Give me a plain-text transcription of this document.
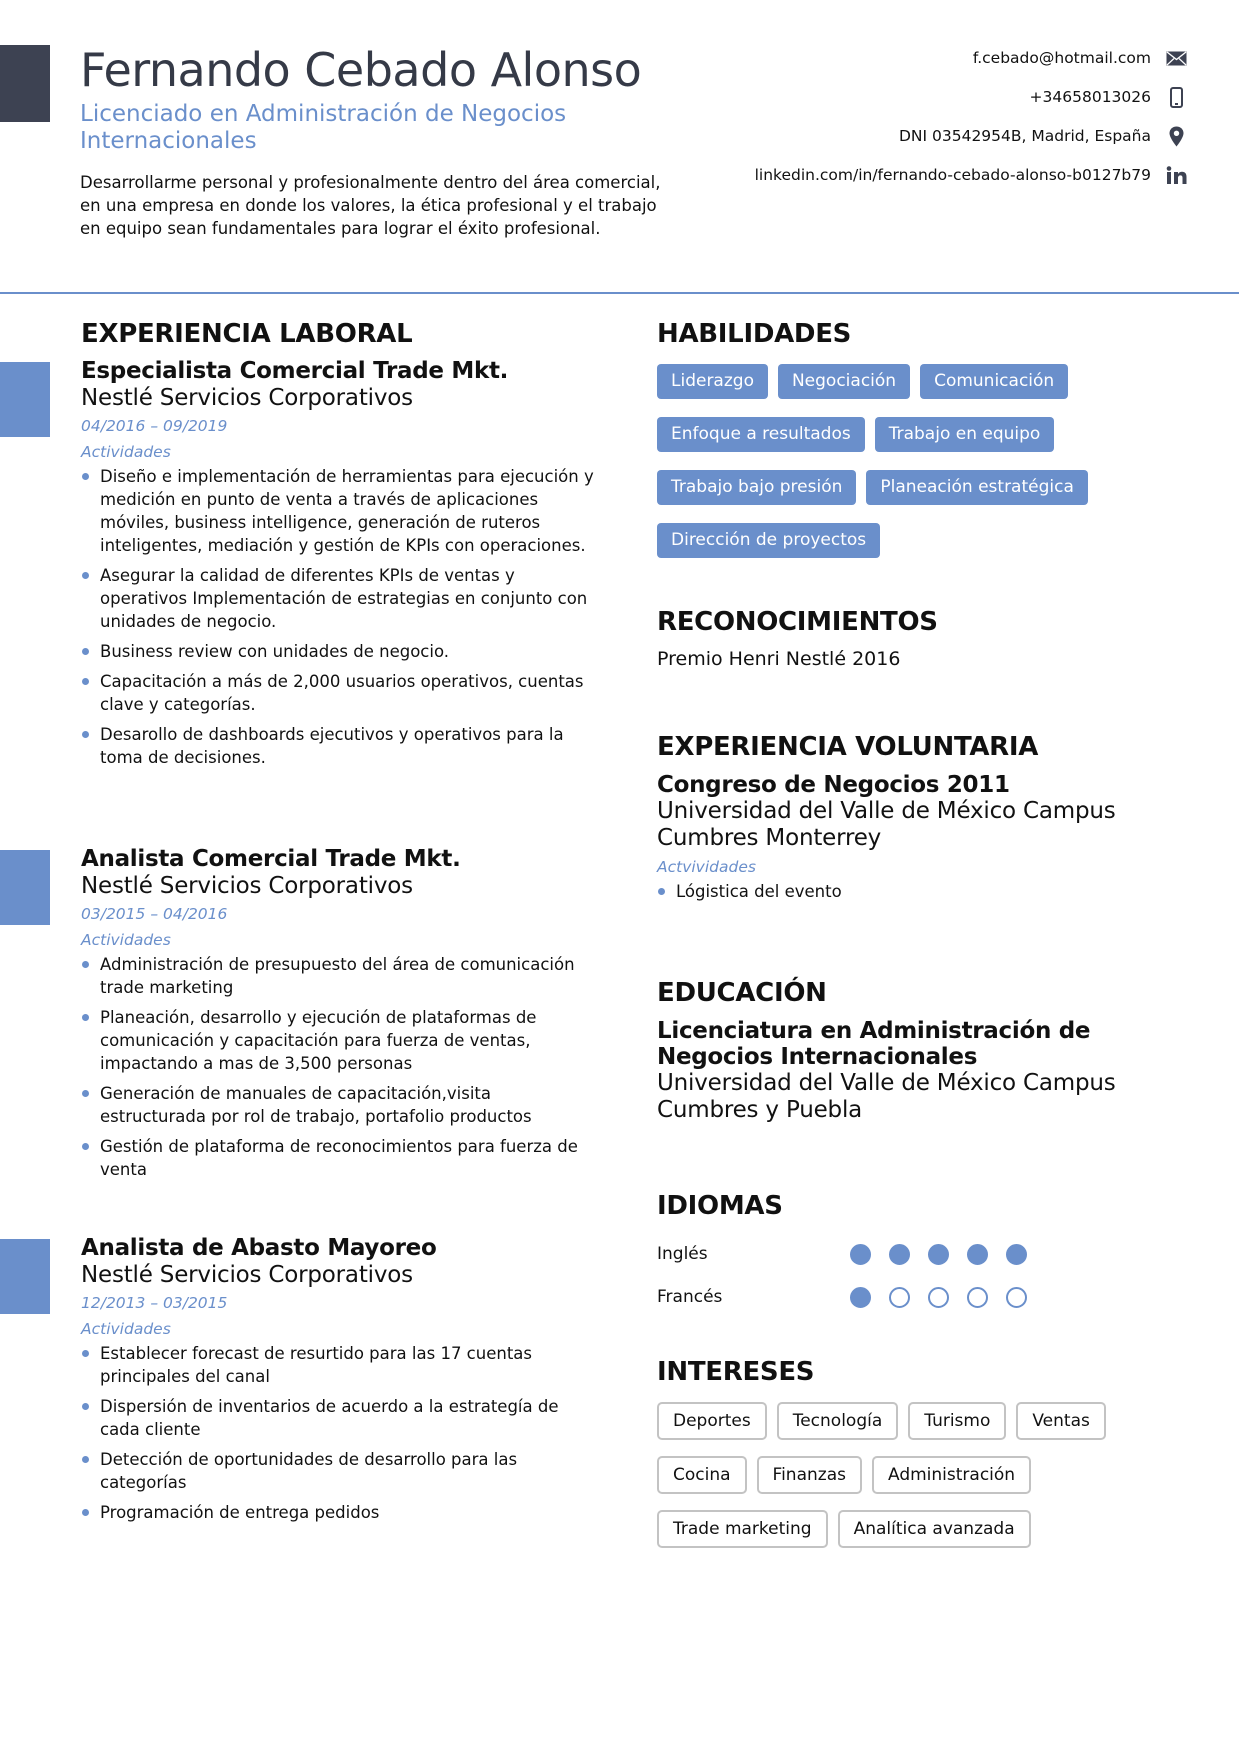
Fernando Cebado Alonso
Licenciado en Administración de Negocios Internacionales
Desarrollarme personal y profesionalmente dentro del área comercial, en una empresa en donde los valores, la ética profesional y el trabajo en equipo sean fundamentales para lograr el éxito profesional.
f.cebado@hotmail.com
+34658013026
DNI 03542954B, Madrid, España
linkedin.com/in/fernando-cebado-alonso-b0127b79
EXPERIENCIA LABORAL
Especialista Comercial Trade Mkt.
Nestlé Servicios Corporativos
04/2016 – 09/2019
Actividades
Diseño e implementación de herramientas para ejecución y medición en punto de venta a través de aplicaciones móviles, business intelligence, generación de ruteros inteligentes, mediación y gestión de KPIs con operaciones.
Asegurar la calidad de diferentes KPIs de ventas y operativos Implementación de estrategias en conjunto con unidades de negocio.
Business review con unidades de negocio.
Capacitación a más de 2,000 usuarios operativos, cuentas clave y categorías.
Desarollo de dashboards ejecutivos y operativos para la toma de decisiones.
Analista Comercial Trade Mkt.
Nestlé Servicios Corporativos
03/2015 – 04/2016
Actividades
Administración de presupuesto del área de comunicación trade marketing
Planeación, desarrollo y ejecución de plataformas de comunicación y capacitación para fuerza de ventas, impactando a mas de 3,500 personas
Generación de manuales de capacitación,visita estructurada por rol de trabajo, portafolio productos
Gestión de plataforma de reconocimientos para fuerza de venta
Analista de Abasto Mayoreo
Nestlé Servicios Corporativos
12/2013 – 03/2015
Actividades
Establecer forecast de resurtido para las 17 cuentas principales del canal
Dispersión de inventarios de acuerdo a la estrategía de cada cliente
Detección de oportunidades de desarrollo para las categorías
Programación de entrega pedidos
HABILIDADES
Liderazgo	Negociación	Comunicación
Enfoque a resultados	Trabajo en equipo
Trabajo bajo presión	Planeación estratégica
Dirección de proyectos
RECONOCIMIENTOS
Premio Henri Nestlé 2016
EXPERIENCIA VOLUNTARIA
Congreso de Negocios 2011
Universidad del Valle de México Campus Cumbres Monterrey
Actvividades
Lógistica del evento
EDUCACIÓN
Licenciatura en Administración de Negocios Internacionales
Universidad del Valle de México Campus Cumbres y Puebla
IDIOMAS
Inglés
Francés
INTERESES
Deportes	Tecnología	Turismo	Ventas
Cocina	Finanzas	Administración
Trade marketing	Analítica avanzada
